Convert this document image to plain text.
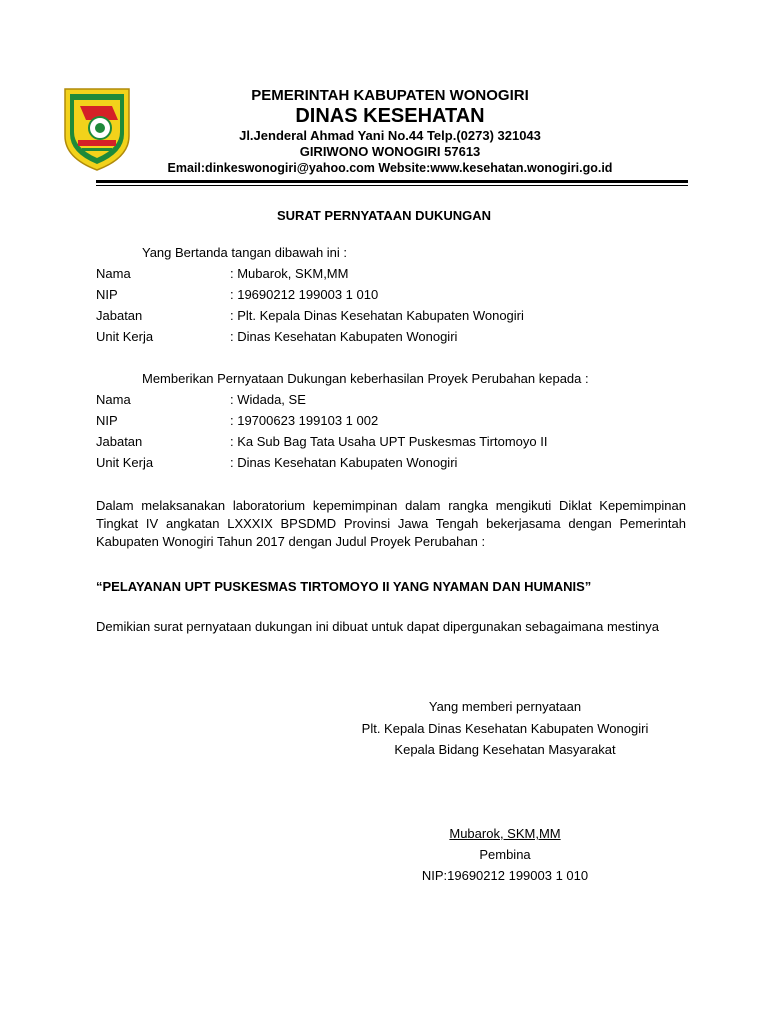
PEMERINTAH KABUPATEN WONOGIRI
DINAS KESEHATAN
Jl.Jenderal Ahmad Yani No.44 Telp.(0273) 321043
GIRIWONO WONOGIRI 57613
Email:dinkeswonogiri@yahoo.com Website:www.kesehatan.wonogiri.go.id
SURAT PERNYATAAN DUKUNGAN
Yang Bertanda tangan dibawah ini :
Nama	: Mubarok, SKM,MM
NIP	: 19690212 199003 1 010
Jabatan	: Plt. Kepala Dinas Kesehatan Kabupaten Wonogiri
Unit Kerja	: Dinas Kesehatan Kabupaten Wonogiri
Memberikan Pernyataan Dukungan keberhasilan Proyek Perubahan kepada :
Nama	: Widada, SE
NIP	: 19700623 199103 1 002
Jabatan	: Ka Sub Bag Tata Usaha UPT Puskesmas Tirtomoyo II
Unit Kerja	: Dinas Kesehatan Kabupaten Wonogiri
Dalam melaksanakan laboratorium kepemimpinan dalam rangka mengikuti Diklat Kepemimpinan Tingkat IV angkatan LXXXIX BPSDMD Provinsi Jawa Tengah bekerjasama dengan Pemerintah Kabupaten Wonogiri Tahun 2017 dengan Judul Proyek Perubahan :
“PELAYANAN UPT PUSKESMAS TIRTOMOYO II YANG NYAMAN DAN HUMANIS”
Demikian surat pernyataan dukungan ini dibuat untuk dapat dipergunakan sebagaimana mestinya
Yang memberi pernyataan
Plt. Kepala Dinas Kesehatan Kabupaten Wonogiri
Kepala Bidang Kesehatan Masyarakat
Mubarok, SKM,MM
Pembina
NIP:19690212 199003 1 010
